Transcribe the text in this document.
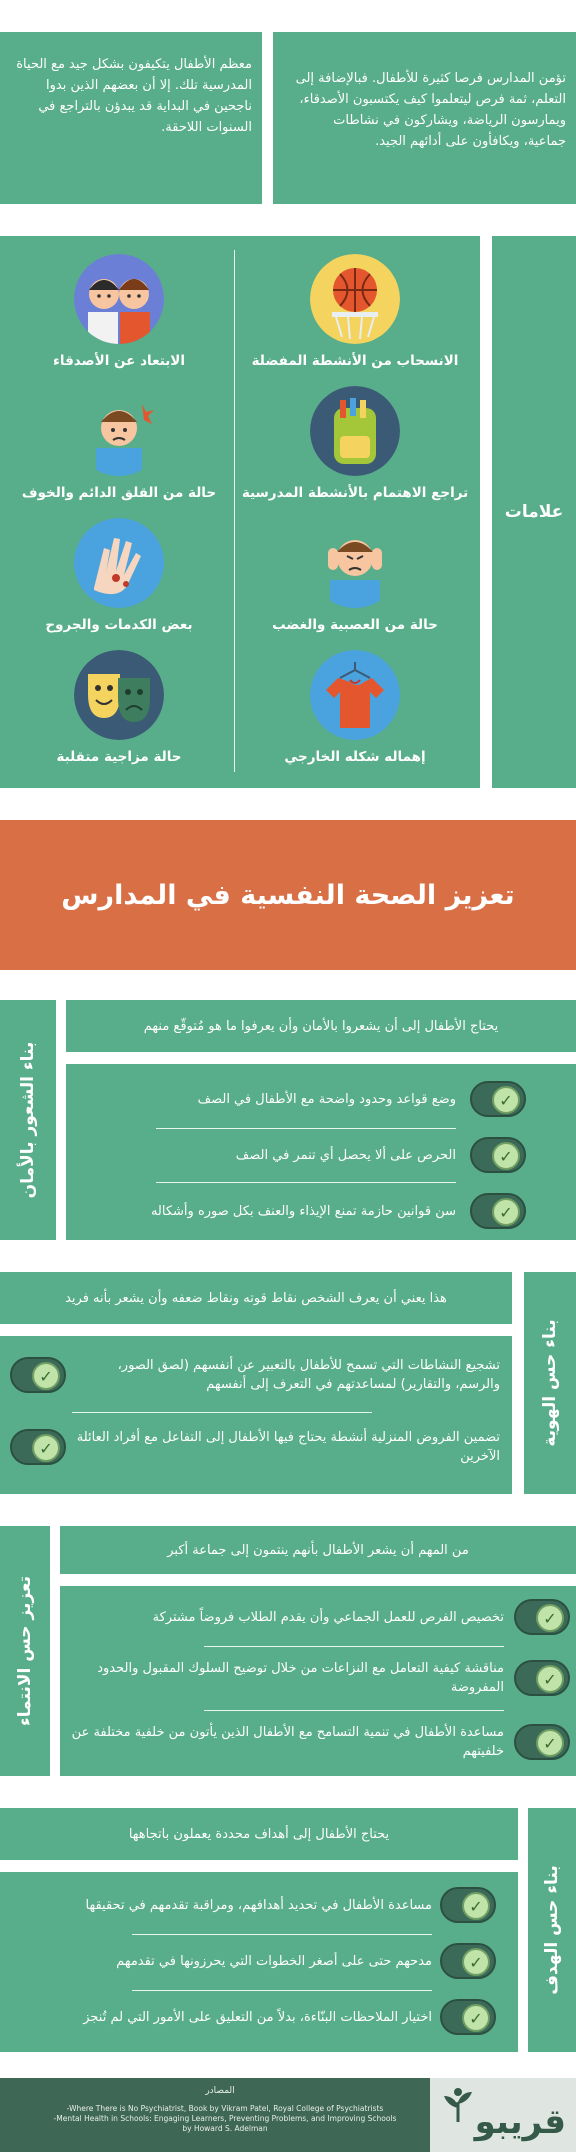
تؤمن المدارس فرصا كثيرة للأطفال. فبالإضافة إلى التعلم، ثمة فرص ليتعلموا كيف يكتسبون الأصدقاء، ويمارسون الرياضة، ويشاركون في نشاطات جماعية، ويكافأون على أدائهم الجيد.

معظم الأطفال يتكيفون بشكل جيد مع الحياة المدرسية تلك. إلا أن بعضهم الذين بدوا ناجحين في البداية قد يبدؤن بالتراجع في السنوات اللاحقة.

علامات
الانسحاب من الأنشطة المفضلة
الابتعاد عن الأصدقاء
تراجع الاهتمام بالأنشطة المدرسية
حالة من القلق الدائم والخوف
حالة من العصبية والغضب
بعض الكدمات والجروح
إهماله شكله الخارجي
حالة مزاجية متقلبة
تعزيز الصحة النفسية في المدارس
بناء الشعور بالأمان
يحتاج الأطفال إلى أن يشعروا بالأمان وأن يعرفوا ما هو مُتوقّع منهم
✓
وضع قواعد وحدود واضحة مع الأطفال في الصف
✓
الحرص على ألا يحصل أي تنمر في الصف
✓
سن قوانين حازمة تمنع الإيذاء والعنف بكل صوره وأشكاله
بناء حس الهوية
هذا يعني أن يعرف الشخص نقاط قوته ونقاط ضعفه وأن يشعر بأنه فريد
✓
تشجيع النشاطات التي تسمح للأطفال بالتعبير عن أنفسهم (لصق الصور، والرسم، والتقارير) لمساعدتهم في التعرف إلى أنفسهم
✓
تضمين الفروض المنزلية أنشطة يحتاج فيها الأطفال إلى التفاعل مع أفراد العائلة الآخرين
تعزيز حس الانتماء
من المهم أن يشعر الأطفال بأنهم ينتمون إلى جماعة أكبر
✓
تخصيص الفرص للعمل الجماعي وأن يقدم الطلاب فروضاً مشتركة
✓
مناقشة كيفية التعامل مع النزاعات من خلال توضيح السلوك المقبول والحدود المفروضة
✓
مساعدة الأطفال في تنمية التسامح مع الأطفال الذين يأتون من خلفية مختلفة عن خلفيتهم
بناء حس الهدف
يحتاج الأطفال إلى أهداف محددة يعملون باتجاهها
✓
مساعدة الأطفال في تحديد أهدافهم، ومراقبة تقدمهم في تحقيقها
✓
مدحهم حتى على أصغر الخطوات التي يحرزونها في تقدمهم
✓
اختيار الملاحظات البنّاءة، بدلاً من التعليق على الأمور التي لم تُنجز
المصادر
-Where There is No Psychiatrist, Book by Vikram Patel, Royal College of Psychiatrists
-Mental Health in Schools: Engaging Learners, Preventing Problems, and Improving Schools
by Howard S. Adelman	قريبو
